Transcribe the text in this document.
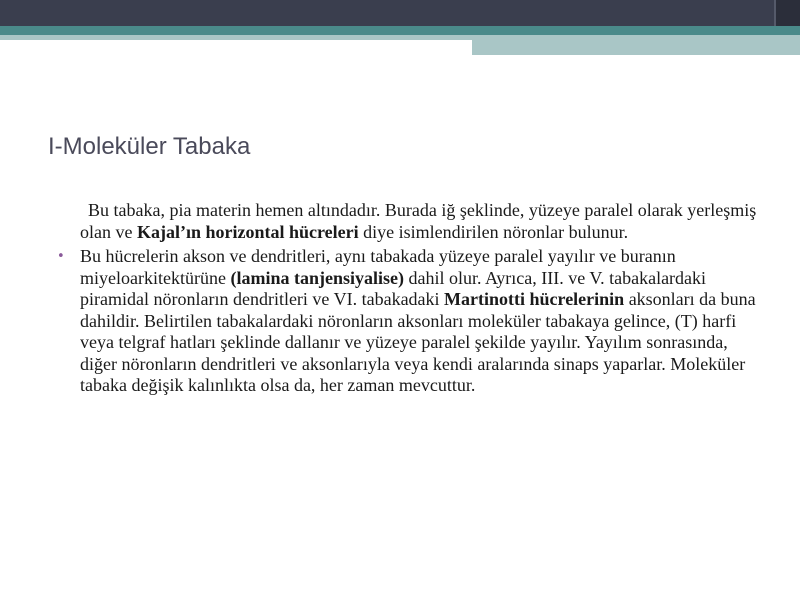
I-Moleküler Tabaka

Bu tabaka, pia materin hemen altındadır. Burada iğ şeklinde, yüzeye paralel olarak yerleşmiş olan ve Kajal’ın horizontal hücreleri diye isimlendirilen nöronlar bulunur.

• Bu hücrelerin akson ve dendritleri, aynı tabakada yüzeye paralel yayılır ve buranın miyeloarkitektürüne (lamina tanjensiyalise) dahil olur. Ayrıca, III. ve V. tabakalardaki piramidal nöronların dendritleri ve VI. tabakadaki Martinotti hücrelerinin aksonları da buna dahildir. Belirtilen tabakalardaki nöronların aksonları moleküler tabakaya gelince, (T) harfi veya telgraf hatları şeklinde dallanır ve yüzeye paralel şekilde yayılır. Yayılım sonrasında, diğer nöronların dendritleri ve aksonlarıyla veya kendi aralarında sinaps yaparlar. Moleküler tabaka değişik kalınlıkta olsa da, her zaman mevcuttur.
